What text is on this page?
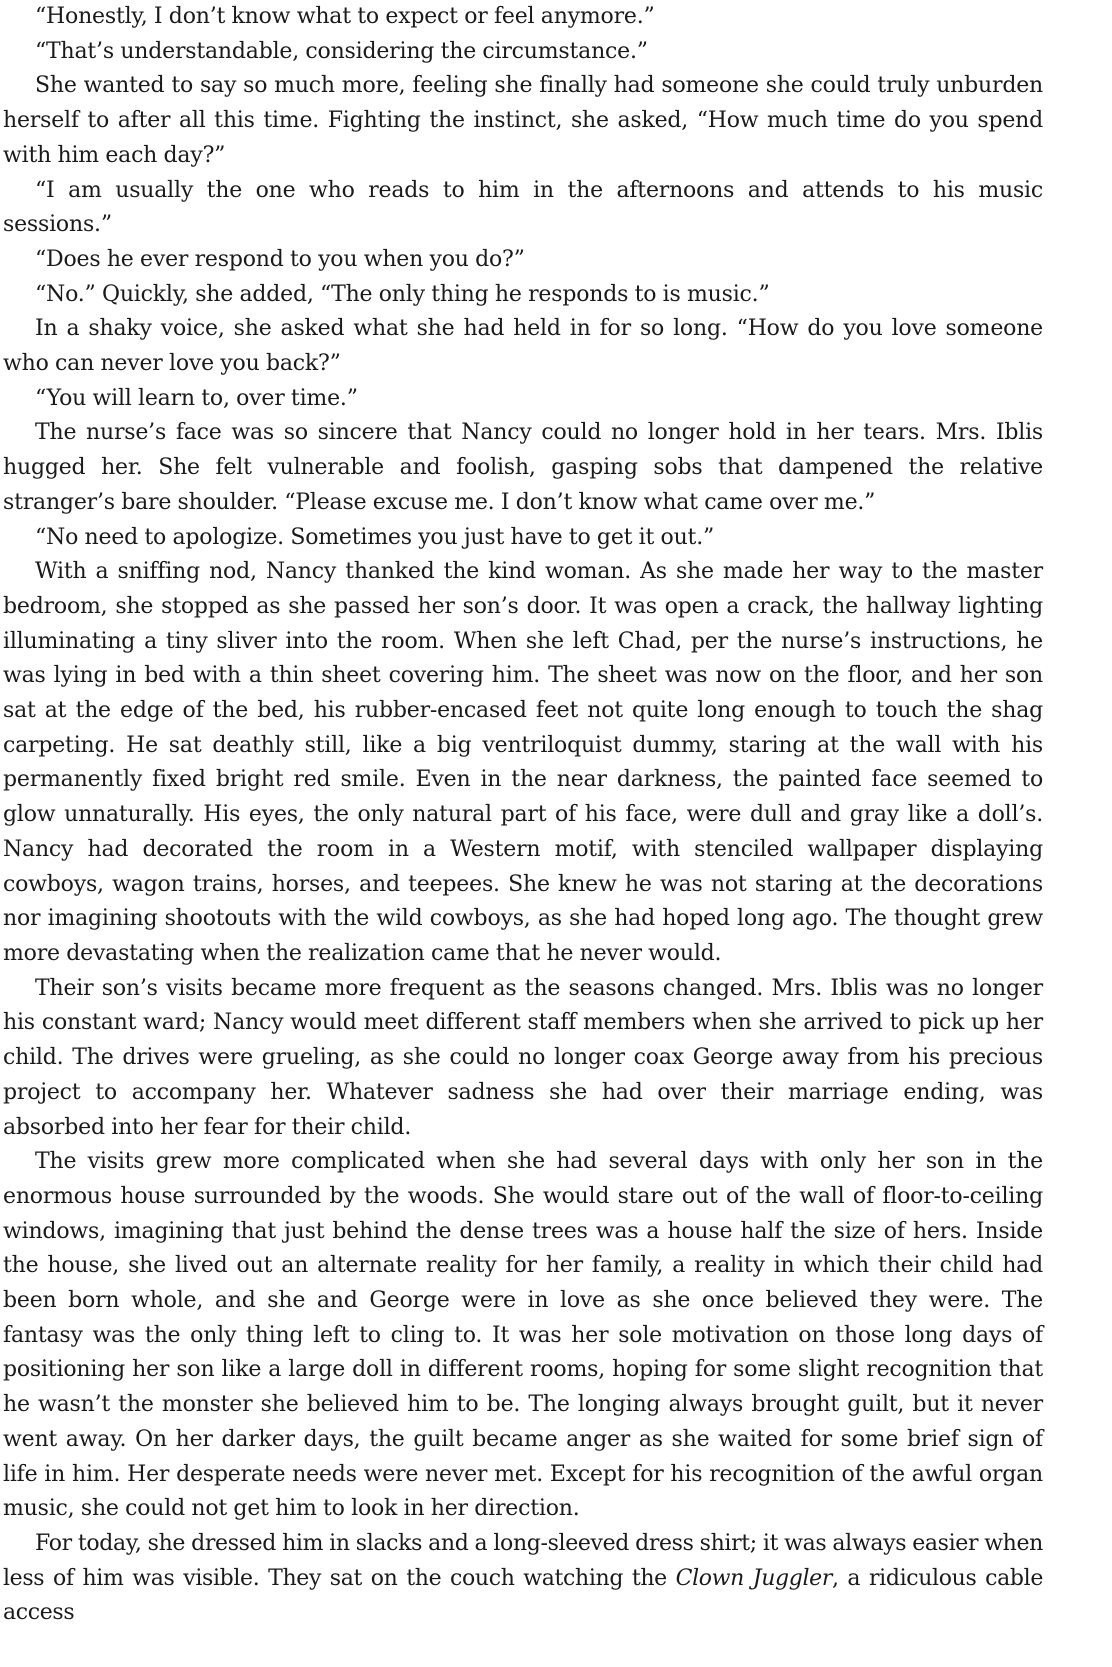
“Honestly, I don’t know what to expect or feel anymore.”

“That’s understandable, considering the circumstance.”

She wanted to say so much more, feeling she finally had someone she could truly unburden herself to after all this time. Fighting the instinct, she asked, “How much time do you spend with him each day?”

“I am usually the one who reads to him in the afternoons and attends to his music sessions.”

“Does he ever respond to you when you do?”

“No.” Quickly, she added, “The only thing he responds to is music.”

In a shaky voice, she asked what she had held in for so long. “How do you love someone who can never love you back?”

“You will learn to, over time.”

The nurse’s face was so sincere that Nancy could no longer hold in her tears. Mrs. Iblis hugged her. She felt vulnerable and foolish, gasping sobs that dampened the relative stranger’s bare shoulder. “Please excuse me. I don’t know what came over me.”

“No need to apologize. Sometimes you just have to get it out.”

With a sniffing nod, Nancy thanked the kind woman. As she made her way to the master bedroom, she stopped as she passed her son’s door. It was open a crack, the hallway lighting illuminating a tiny sliver into the room. When she left Chad, per the nurse’s instructions, he was lying in bed with a thin sheet covering him. The sheet was now on the floor, and her son sat at the edge of the bed, his rubber-encased feet not quite long enough to touch the shag carpeting. He sat deathly still, like a big ventriloquist dummy, staring at the wall with his permanently fixed bright red smile. Even in the near darkness, the painted face seemed to glow unnaturally. His eyes, the only natural part of his face, were dull and gray like a doll’s. Nancy had decorated the room in a Western motif, with stenciled wallpaper displaying cowboys, wagon trains, horses, and teepees. She knew he was not staring at the decorations nor imagining shootouts with the wild cowboys, as she had hoped long ago. The thought grew more devastating when the realization came that he never would.

Their son’s visits became more frequent as the seasons changed. Mrs. Iblis was no longer his constant ward; Nancy would meet different staff members when she arrived to pick up her child. The drives were grueling, as she could no longer coax George away from his precious project to accompany her. Whatever sadness she had over their marriage ending, was absorbed into her fear for their child.

The visits grew more complicated when she had several days with only her son in the enormous house surrounded by the woods. She would stare out of the wall of floor-to-ceiling windows, imagining that just behind the dense trees was a house half the size of hers. Inside the house, she lived out an alternate reality for her family, a reality in which their child had been born whole, and she and George were in love as she once believed they were. The fantasy was the only thing left to cling to. It was her sole motivation on those long days of positioning her son like a large doll in different rooms, hoping for some slight recognition that he wasn’t the monster she believed him to be. The longing always brought guilt, but it never went away. On her darker days, the guilt became anger as she waited for some brief sign of life in him. Her desperate needs were never met. Except for his recognition of the awful organ music, she could not get him to look in her direction.

For today, she dressed him in slacks and a long-sleeved dress shirt; it was always easier when less of him was visible. They sat on the couch watching the Clown Juggler, a ridiculous cable access
